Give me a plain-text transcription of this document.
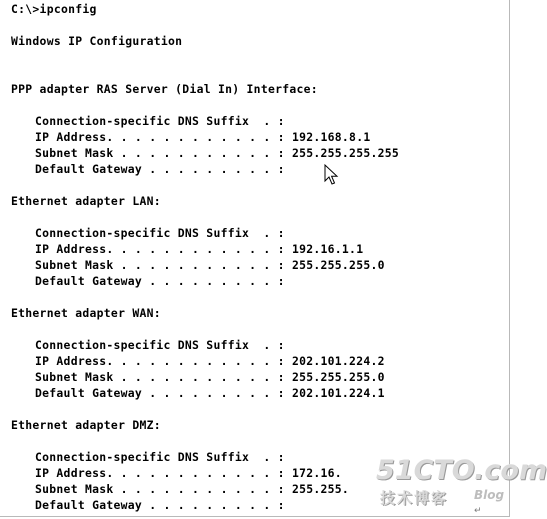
C:\>ipconfig
Windows IP Configuration
PPP adapter RAS Server (Dial In) Interface:
Connection-specific DNS Suffix  . :
IP Address. . . . . . . . . . . . : 192.168.8.1
Subnet Mask . . . . . . . . . . . : 255.255.255.255
Default Gateway . . . . . . . . . :
Ethernet adapter LAN:
Connection-specific DNS Suffix  . :
IP Address. . . . . . . . . . . . : 192.16.1.1
Subnet Mask . . . . . . . . . . . : 255.255.255.0
Default Gateway . . . . . . . . . :
Ethernet adapter WAN:
Connection-specific DNS Suffix  . :
IP Address. . . . . . . . . . . . : 202.101.224.2
Subnet Mask . . . . . . . . . . . : 255.255.255.0
Default Gateway . . . . . . . . . : 202.101.224.1
Ethernet adapter DMZ:
Connection-specific DNS Suffix  . :
IP Address. . . . . . . . . . . . : 172.16.
Subnet Mask . . . . . . . . . . . : 255.255.
Default Gateway . . . . . . . . . :
51CTO.com
技术博客 Blog
↵
